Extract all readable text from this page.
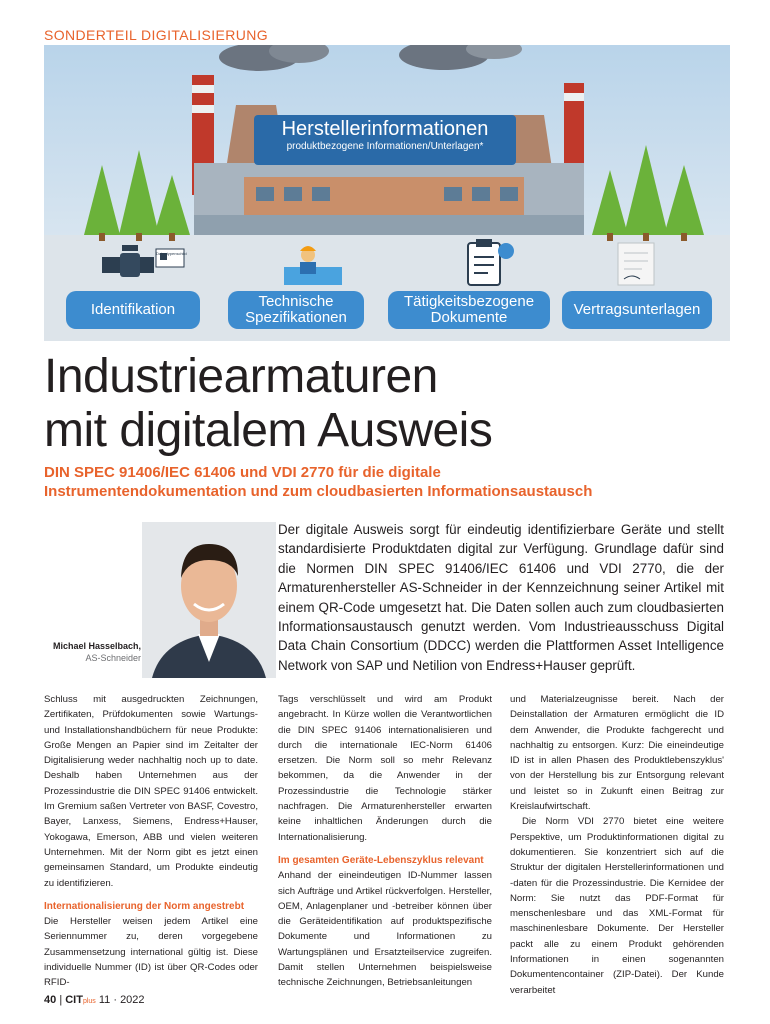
SONDERTEIL DIGITALISIERUNG
Herstellerinformationen
produktbezogene Informationen/Unterlagen*
Datentypenschild
Identifikation	Technische Spezifikationen
Tätigkeitsbezogene Dokumente	Vertragsunterlagen
Industriearmaturen
mit digitalem Ausweis
DIN SPEC 91406/IEC 61406 und VDI 2770 für die digitale
Instrumentendokumentation und zum cloudbasierten Informationsaustausch
Michael Hasselbach,
AS-Schneider

Der digitale Ausweis sorgt für eindeutig identifizierbare Geräte und stellt standardisierte Produktdaten digital zur Verfügung. Grundlage dafür sind die Normen DIN SPEC 91406/IEC 61406 und VDI 2770, die der Armaturenhersteller AS-Schneider in der Kennzeichnung seiner Artikel mit einem QR-Code umgesetzt hat. Die Daten sollen auch zum cloudbasierten Informationsaustausch genutzt werden. Vom Industrieausschuss Digital Data Chain Consortium (DDCC) werden die Plattformen Asset Intelligence Network von SAP und Netilion von Endress+Hauser geprüft.

Schluss mit ausgedruckten Zeichnungen, Zertifikaten, Prüfdokumenten sowie Wartungs- und Installationshandbüchern für neue Produkte: Große Mengen an Papier sind im Zeitalter der Digitalisierung weder nachhaltig noch up to date. Deshalb haben Unternehmen aus der Prozessindustrie die DIN SPEC 91406 entwickelt. Im Gremium saßen Vertreter von BASF, Covestro, Bayer, Lanxess, Siemens, Endress+Hauser, Yokogawa, Emerson, ABB und vielen weiteren Unternehmen. Mit der Norm gibt es jetzt einen gemeinsamen Standard, um Produkte eindeutig zu identifizieren.

Internationalisierung der Norm angestrebt

Die Hersteller weisen jedem Artikel eine Seriennummer zu, deren vorgegebene Zusammensetzung international gültig ist. Diese individuelle Nummer (ID) ist über QR-Codes oder RFID-

Tags verschlüsselt und wird am Produkt angebracht. In Kürze wollen die Verantwortlichen die DIN SPEC 91406 internationalisieren und durch die internationale IEC-Norm 61406 ersetzen. Die Norm soll so mehr Relevanz bekommen, da die Anwender in der Prozessindustrie die Technologie stärker nachfragen. Die Armaturenhersteller erwarten keine inhaltlichen Änderungen durch die Internationalisierung.

Im gesamten Geräte-Lebenszyklus relevant

Anhand der eineindeutigen ID-Nummer lassen sich Aufträge und Artikel rückverfolgen. Hersteller, OEM, Anlagenplaner und -betreiber können über die Geräteidentifikation auf produktspezifische Dokumente und Informationen zu Wartungsplänen und Ersatzteilservice zugreifen. Damit stellen Unternehmen beispielsweise technische Zeichnungen, Betriebsanleitungen

und Materialzeugnisse bereit. Nach der Deinstallation der Armaturen ermöglicht die ID dem Anwender, die Produkte fachgerecht und nachhaltig zu entsorgen. Kurz: Die eineindeutige ID ist in allen Phasen des Produktlebenszyklus' von der Herstellung bis zur Entsorgung relevant und leistet so in Zukunft einen Beitrag zur Kreislaufwirtschaft.

Die Norm VDI 2770 bietet eine weitere Perspektive, um Produktinformationen digital zu dokumentieren. Sie konzentriert sich auf die Struktur der digitalen Herstellerinformationen und -daten für die Prozessindustrie. Die Kernidee der Norm: Sie nutzt das PDF-Format für menschenlesbare und das XML-Format für maschinenlesbare Dokumente. Der Hersteller packt alle zu einem Produkt gehörenden Informationen in einen sogenannten Dokumentencontainer (ZIP-Datei). Der Kunde verarbeitet

40 | CITplus 11 · 2022
